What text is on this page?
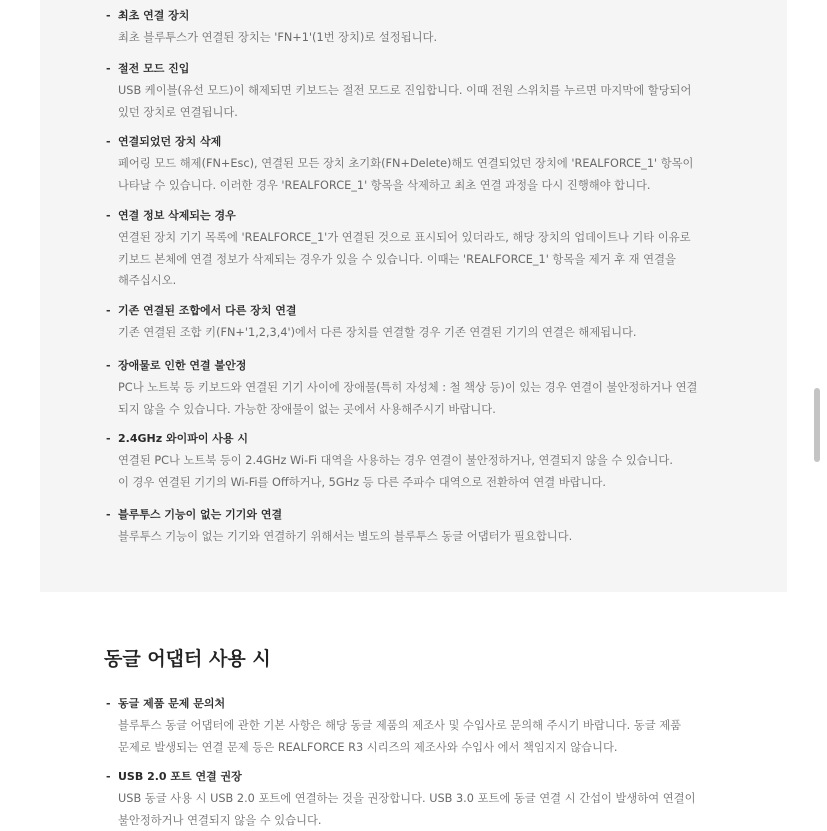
- 최초 연결 장치
최초 블루투스가 연결된 장치는 'FN+1'(1번 장치)로 설정됩니다.
- 절전 모드 진입
USB 케이블(유선 모드)이 해제되면 키보드는 절전 모드로 진입합니다. 이때 전원 스위치를 누르면 마지막에 할당되어
있던 장치로 연결됩니다.
- 연결되었던 장치 삭제
페어링 모드 해제(FN+Esc), 연결된 모든 장치 초기화(FN+Delete)해도 연결되었던 장치에 'REALFORCE_1' 항목이
나타날 수 있습니다. 이러한 경우 'REALFORCE_1' 항목을 삭제하고 최초 연결 과정을 다시 진행해야 합니다.
- 연결 정보 삭제되는 경우
연결된 장치 기기 목록에 'REALFORCE_1'가 연결된 것으로 표시되어 있더라도, 해당 장치의 업데이트나 기타 이유로
키보드 본체에 연결 정보가 삭제되는 경우가 있을 수 있습니다. 이때는 'REALFORCE_1' 항목을 제거 후 재 연결을
해주십시오.
- 기존 연결된 조합에서 다른 장치 연결
기존 연결된 조합 키(FN+'1,2,3,4')에서 다른 장치를 연결할 경우 기존 연결된 기기의 연결은 해제됩니다.
- 장애물로 인한 연결 불안정
PC나 노트북 등 키보드와 연결된 기기 사이에 장애물(특히 자성체 : 철 책상 등)이 있는 경우 연결이 불안정하거나 연결
되지 않을 수 있습니다. 가능한 장애물이 없는 곳에서 사용해주시기 바랍니다.
- 2.4GHz 와이파이 사용 시
연결된 PC나 노트북 등이 2.4GHz Wi-Fi 대역을 사용하는 경우 연결이 불안정하거나, 연결되지 않을 수 있습니다.
이 경우 연결된 기기의 Wi-Fi를 Off하거나, 5GHz 등 다른 주파수 대역으로 전환하여 연결 바랍니다.
- 블루투스 기능이 없는 기기와 연결
블루투스 기능이 없는 기기와 연결하기 위해서는 별도의 블루투스 동글 어댑터가 필요합니다.
동글 어댑터 사용 시
- 동글 제품 문제 문의처
블루투스 동글 어댑터에 관한 기본 사항은 해당 동글 제품의 제조사 및 수입사로 문의해 주시기 바랍니다. 동글 제품
문제로 발생되는 연결 문제 등은 REALFORCE R3 시리즈의 제조사와 수입사 에서 책임지지 않습니다.
- USB 2.0 포트 연결 권장
USB 동글 사용 시 USB 2.0 포트에 연결하는 것을 권장합니다. USB 3.0 포트에 동글 연결 시 간섭이 발생하여 연결이
불안정하거나 연결되지 않을 수 있습니다.
